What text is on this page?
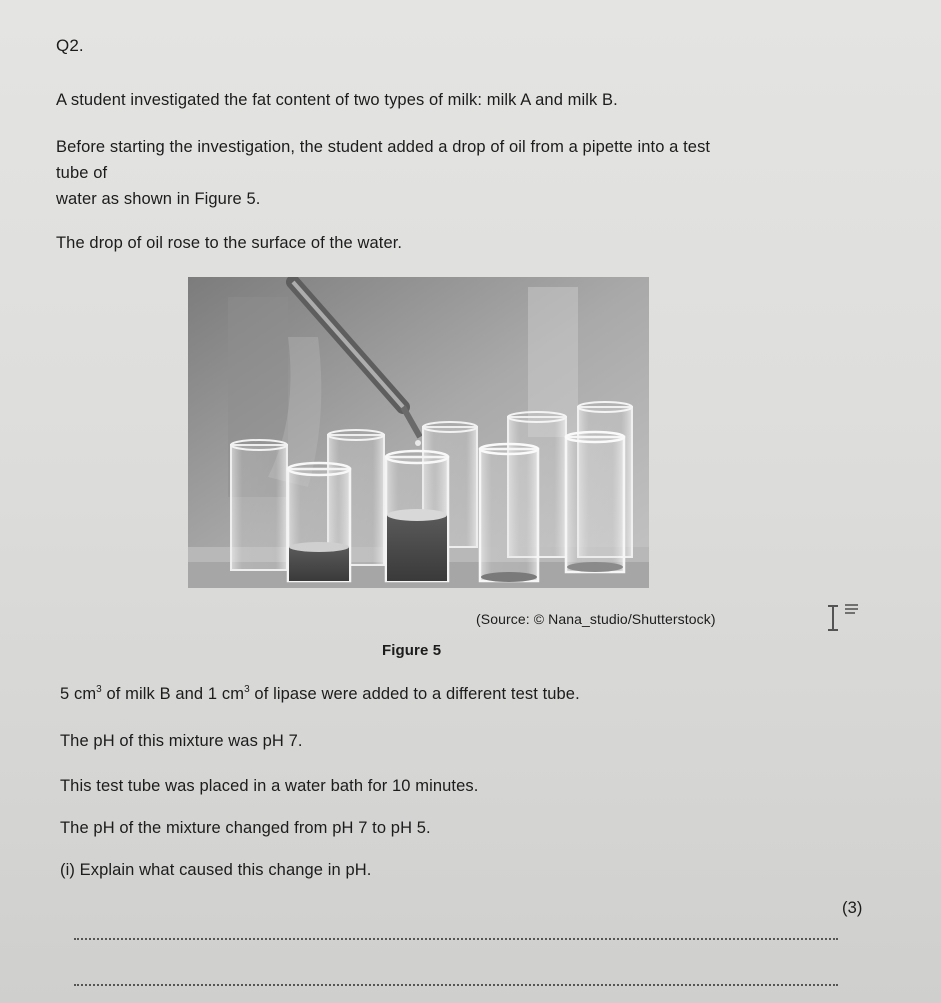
Q2.
A student investigated the fat content of two types of milk: milk A and milk B.
Before starting the investigation, the student added a drop of oil from a pipette into a test
tube of
water as shown in Figure 5.
The drop of oil rose to the surface of the water.
(Source: © Nana_studio/Shutterstock)
Figure 5
5 $cm^3$ of milk B and 1 $cm^3$ of lipase were added to a different test tube.
The pH of this mixture was pH 7.
This test tube was placed in a water bath for 10 minutes.
The pH of the mixture changed from pH 7 to pH 5.
(i) Explain what caused this change in pH.
(3)
